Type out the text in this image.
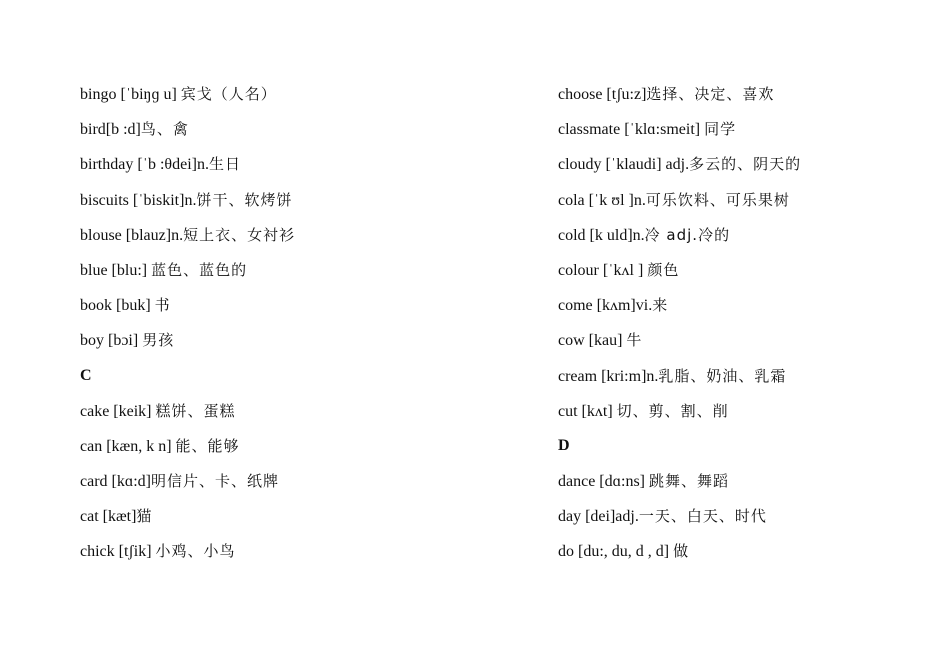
bingo [ˈbiŋɡ u] 宾戈（人名）
bird[b :d]鸟、禽
birthday [ˈb :θdei]n.生日
biscuits [ˈbiskit]n.饼干、软烤饼
blouse [blauz]n.短上衣、女衬衫
blue [blu:] 蓝色、蓝色的
book [buk] 书
boy [bɔi] 男孩
C
cake [keik] 糕饼、蛋糕
can [kæn, k n] 能、能够
card [kɑ:d]明信片、卡、纸牌
cat [kæt]猫
chick [tʃik] 小鸡、小鸟
choose [tʃu:z]选择、决定、喜欢
classmate [ˈklɑ:smeit] 同学
cloudy [ˈklaudi] adj.多云的、阴天的
cola [ˈk ʊl ]n.可乐饮料、可乐果树
cold [k uld]n.冷 adj.冷的
colour [ˈkʌl ] 颜色
come [kʌm]vi.来
cow [kau] 牛
cream [kri:m]n.乳脂、奶油、乳霜
cut [kʌt] 切、剪、割、削
D
dance [dɑ:ns] 跳舞、舞蹈
day [dei]adj.一天、白天、时代
do [du:, du, d , d] 做
